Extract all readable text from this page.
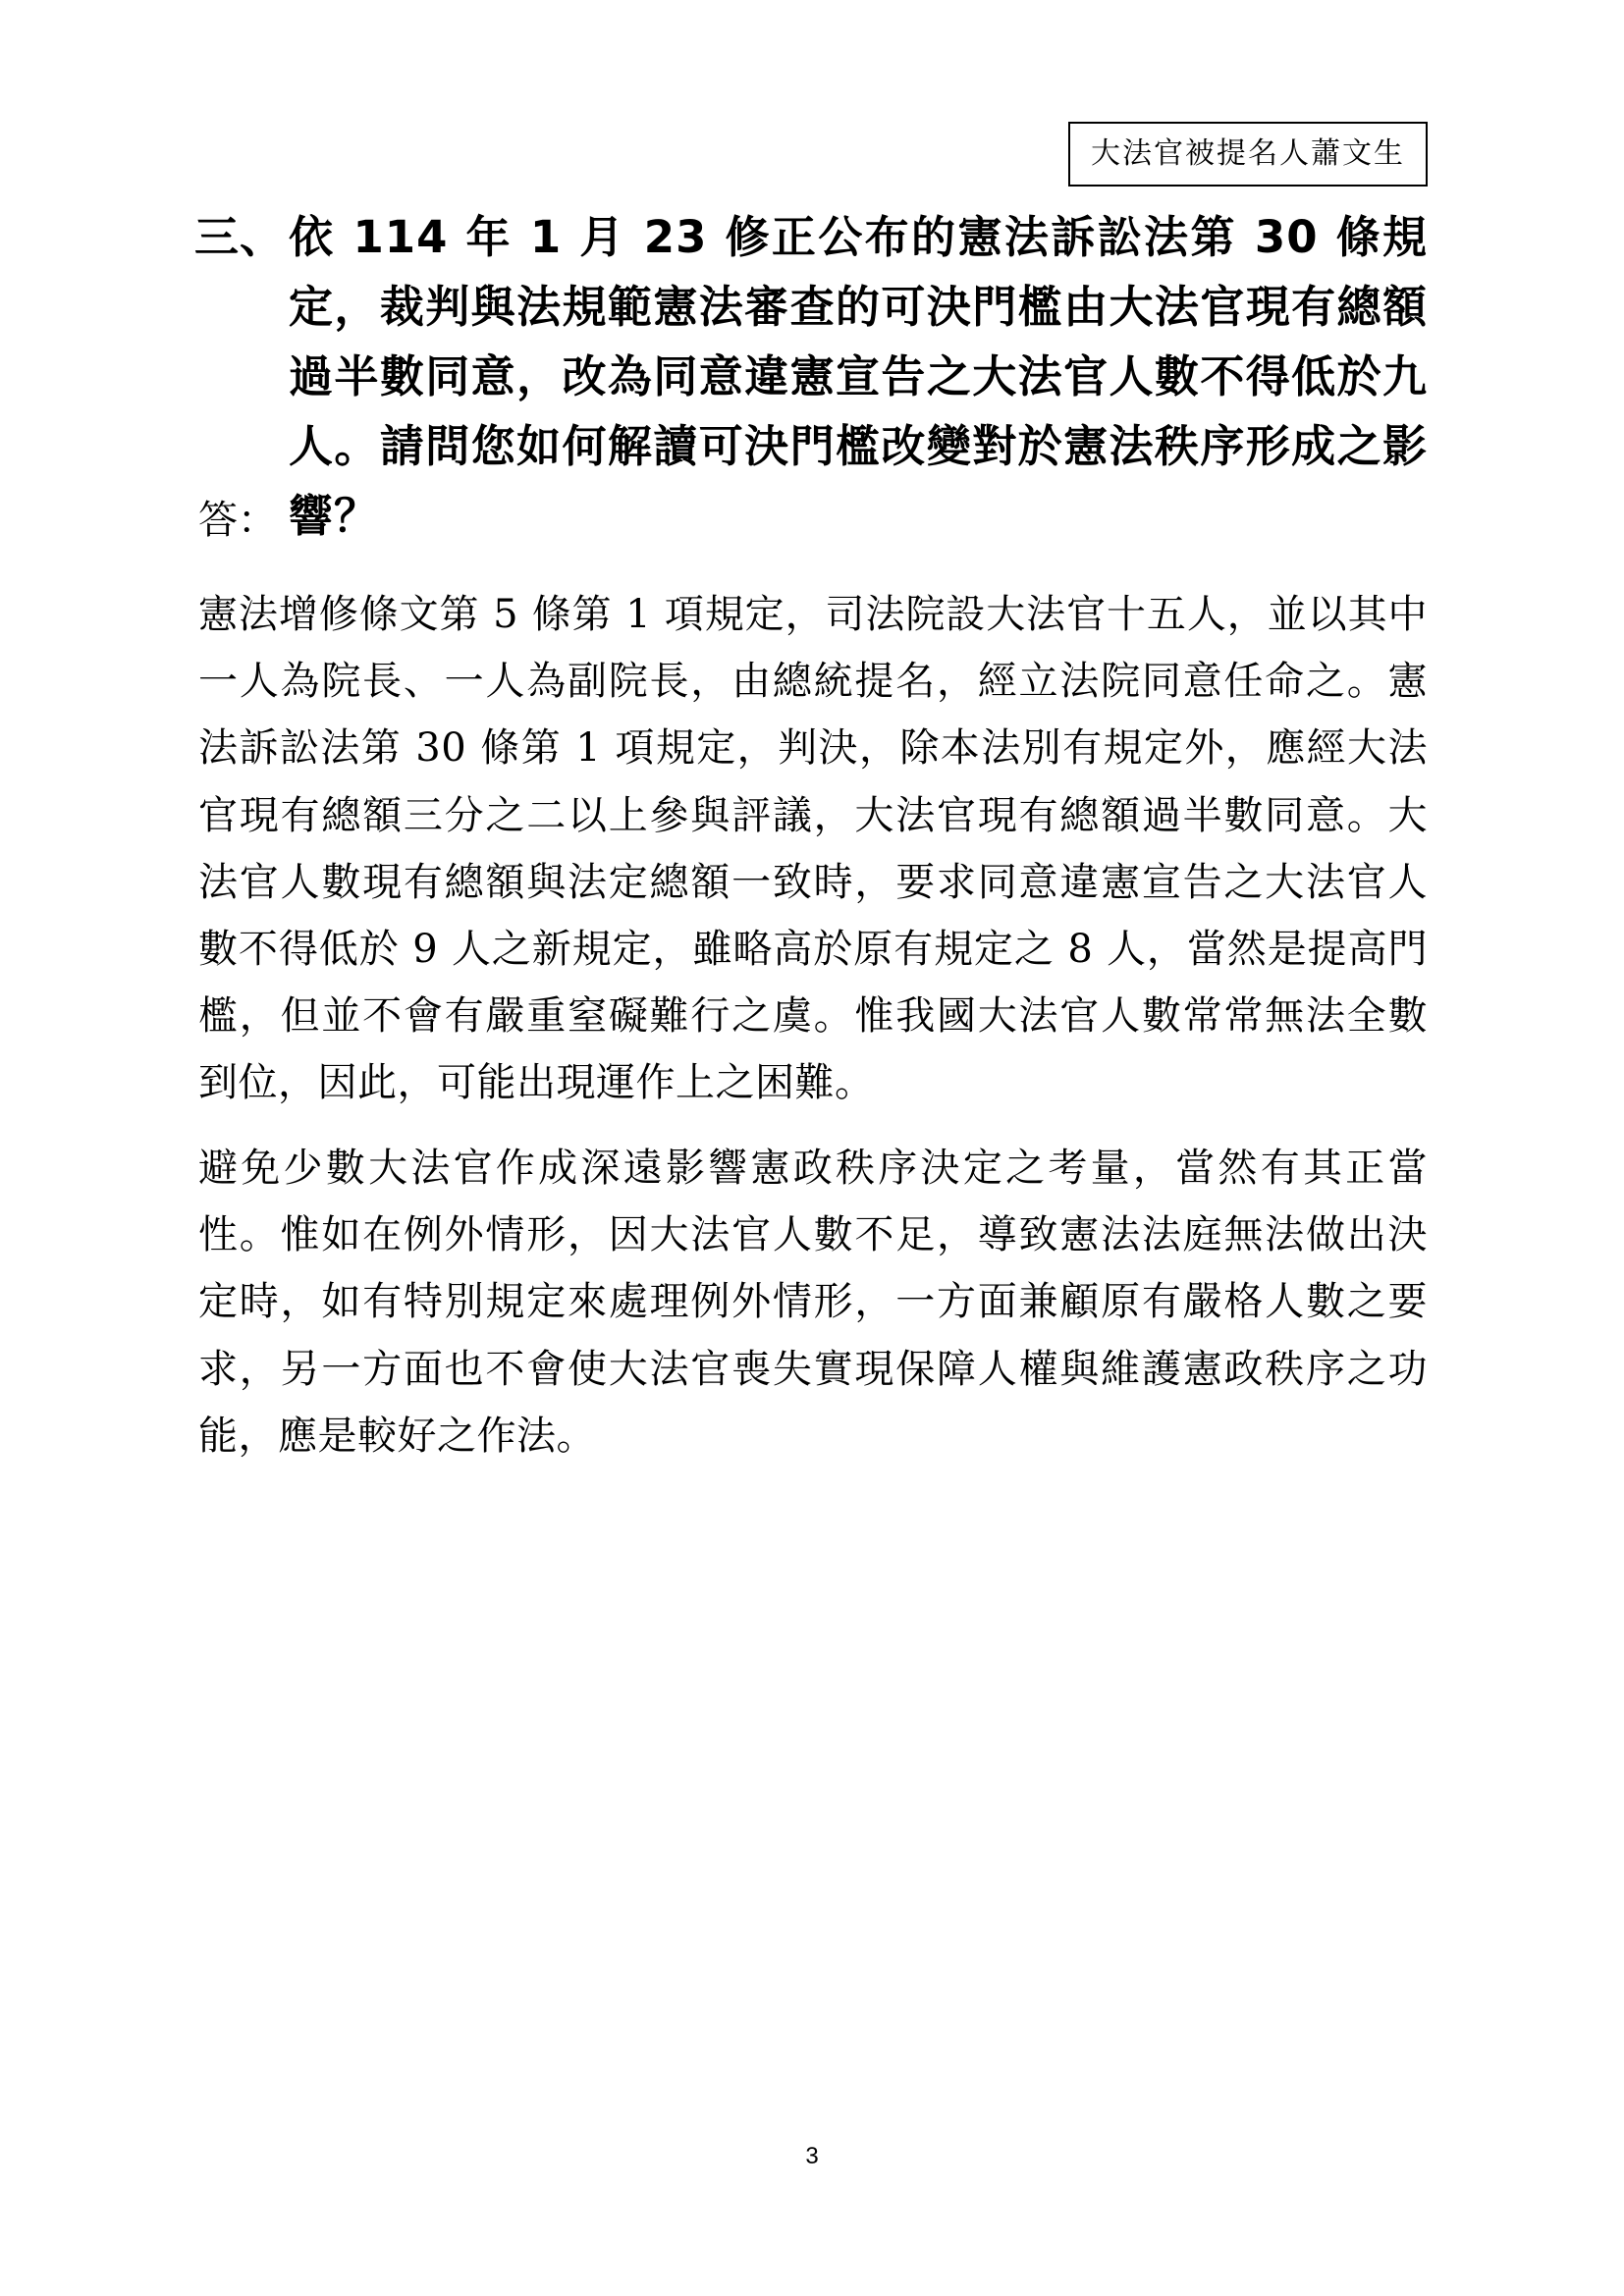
大法官被提名人蕭文生
三、依 114 年 1 月 23 修正公布的憲法訴訟法第 30 條規定，裁判與法規範憲法審查的可決門檻由大法官現有總額過半數同意，改為同意違憲宣告之大法官人數不得低於九人。請問您如何解讀可決門檻改變對於憲法秩序形成之影響？

答：

憲法增修條文第 5 條第 1 項規定，司法院設大法官十五人，並以其中一人為院長、一人為副院長，由總統提名，經立法院同意任命之。憲法訴訟法第 30 條第 1 項規定，判決，除本法別有規定外，應經大法官現有總額三分之二以上參與評議，大法官現有總額過半數同意。大法官人數現有總額與法定總額一致時，要求同意違憲宣告之大法官人數不得低於 9 人之新規定，雖略高於原有規定之 8 人，當然是提高門檻，但並不會有嚴重窒礙難行之虞。惟我國大法官人數常常無法全數到位，因此，可能出現運作上之困難。

避免少數大法官作成深遠影響憲政秩序決定之考量，當然有其正當性。惟如在例外情形，因大法官人數不足，導致憲法法庭無法做出決定時，如有特別規定來處理例外情形，一方面兼顧原有嚴格人數之要求，另一方面也不會使大法官喪失實現保障人權與維護憲政秩序之功能，應是較好之作法。

3
